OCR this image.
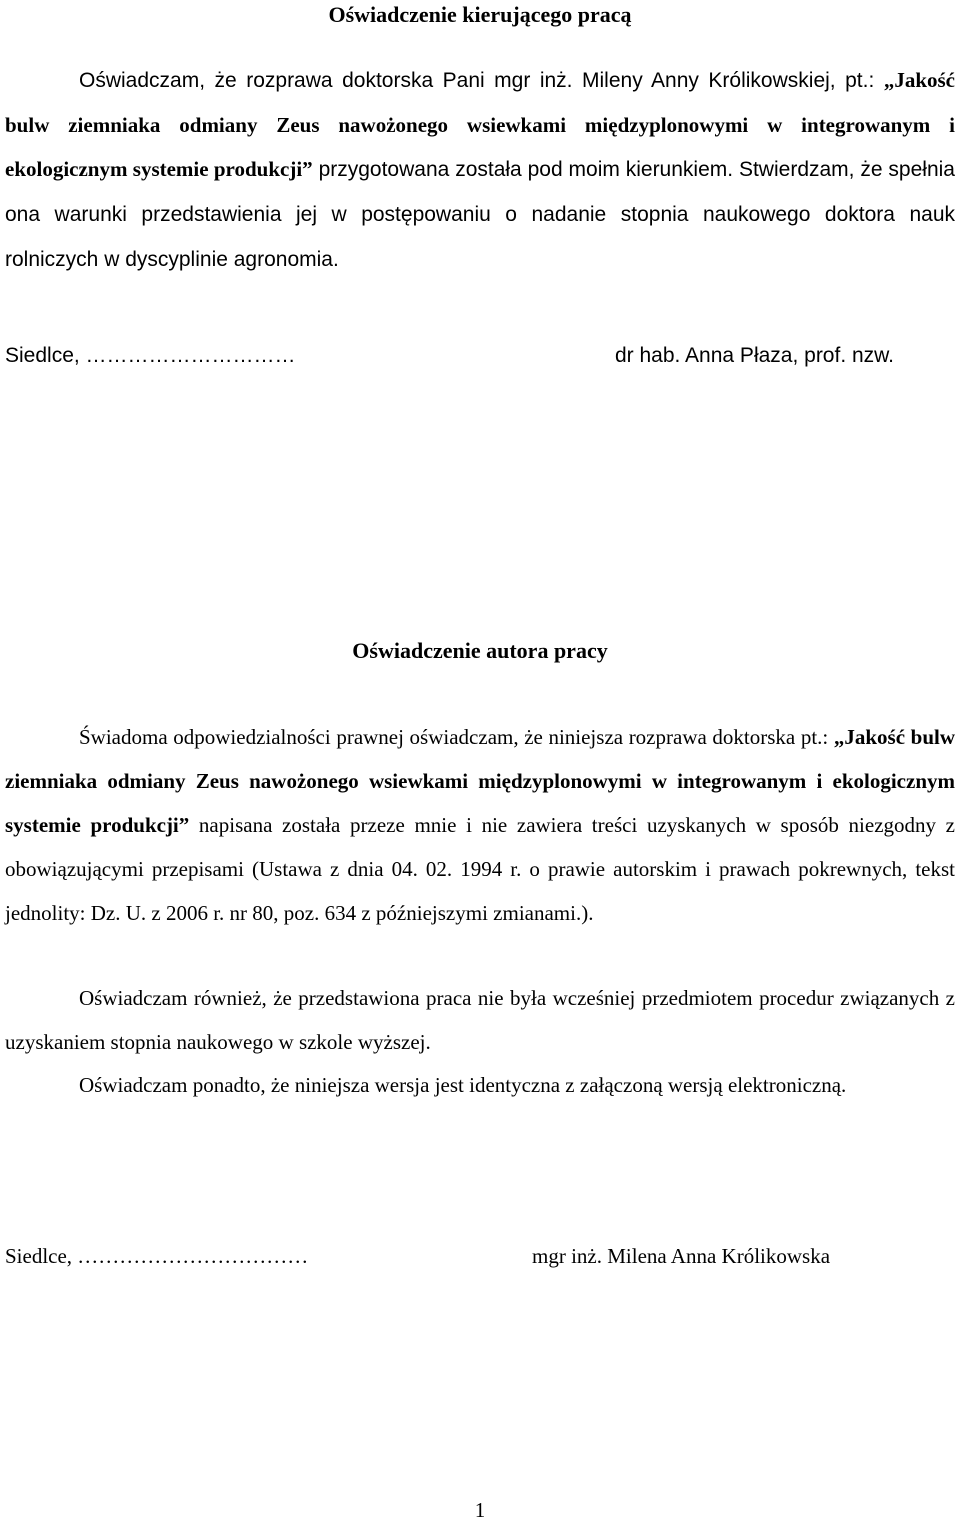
Oświadczenie kierującego pracą

Oświadczam, że rozprawa doktorska Pani mgr inż. Mileny Anny Królikowskiej, pt.: „Jakość bulw ziemniaka odmiany Zeus nawożonego wsiewkami międzyplonowymi w integrowanym i ekologicznym systemie produkcji” przygotowana została pod moim kierunkiem. Stwierdzam, że spełnia ona warunki przedstawienia jej w postępowaniu o nadanie stopnia naukowego doktora nauk rolniczych w dyscyplinie agronomia.

Siedlce, …………………………	dr hab. Anna Płaza, prof. nzw.

Oświadczenie autora pracy

Świadoma odpowiedzialności prawnej oświadczam, że niniejsza rozprawa doktorska pt.: „Jakość bulw ziemniaka odmiany Zeus nawożonego wsiewkami międzyplonowymi w integrowanym i ekologicznym systemie produkcji” napisana została przeze mnie i nie zawiera treści uzyskanych w sposób niezgodny z obowiązującymi przepisami (Ustawa z dnia 04. 02. 1994 r. o prawie autorskim i prawach pokrewnych, tekst jednolity: Dz. U. z 2006 r. nr 80, poz. 634 z późniejszymi zmianami.).

Oświadczam również, że przedstawiona praca nie była wcześniej przedmiotem procedur związanych z uzyskaniem stopnia naukowego w szkole wyższej.

Oświadczam ponadto, że niniejsza wersja jest identyczna z załączoną wersją elektroniczną.

Siedlce, ……………………………	mgr inż. Milena Anna Królikowska

1
